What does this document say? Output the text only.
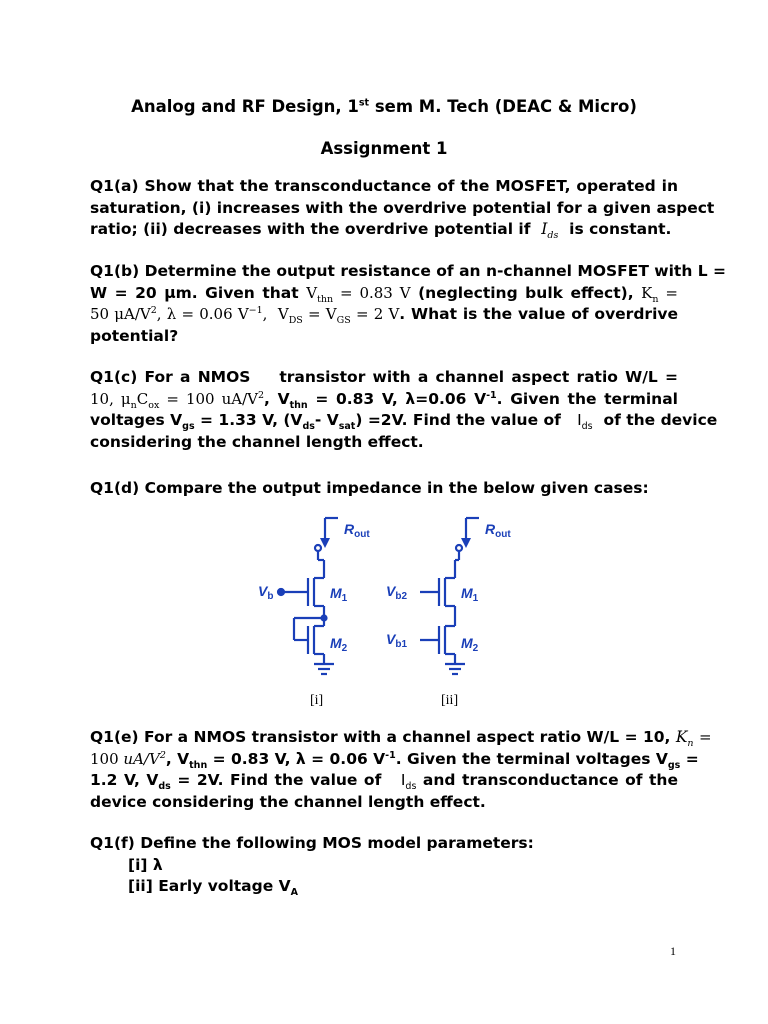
Analog and RF Design, 1st sem M. Tech (DEAC & Micro)
Assignment 1
Q1(a) Show that the transconductance of the MOSFET, operated in
saturation, (i) increases with the overdrive potential for a given aspect
ratio; (ii) decreases with the overdrive potential if $I_{ds}$ is constant.
Q1(b) Determine the output resistance of an n-channel MOSFET with L =
W = 20 μm. Given that $V_{thn} = 0.83$ V (neglecting bulk effect), $K_n$ =
50 $\mu A/V^2$, λ = 0.06 $V^{-1}$, $V_{DS} = V_{GS} = 2$ V. What is the value of overdrive
potential?
Q1(c) For a NMOS    transistor with a channel aspect ratio W/L =
10, $\mu_nC_{ox} = 100$ $uA/V^2$, $V_{thn} = 0.83$ V, λ=0.06 $V^{-1}$. Given the terminal
voltages $V_{gs} = 1.33$ V, ($V_{ds}-$ $V_{sat}) =2V$. Find the value of $I_{ds}$ of the device
considering the channel length effect.
Q1(d) Compare the output impedance in the below given cases:
$R_{out}$	$R_{out}$
$V_b$	$M_1$
$M_2$
$V_{b2}$	$M_1$
$V_{b1}$	$M_2$
[i]	[ii]
Q1(e) For a NMOS transistor with a channel aspect ratio W/L = 10, $K_n$ =
100 $uA/V^2$, $V_{thn} = 0.83$ V, λ = 0.06 $V^{-1}$. Given the terminal voltages $V_{gs}$ =
1.2 V, $V_{ds} = 2V$. Find the value of $I_{ds}$ and transconductance of the
device considering the channel length effect.
Q1(f) Define the following MOS model parameters:
[i] λ
[ii] Early voltage $V_A$
1
